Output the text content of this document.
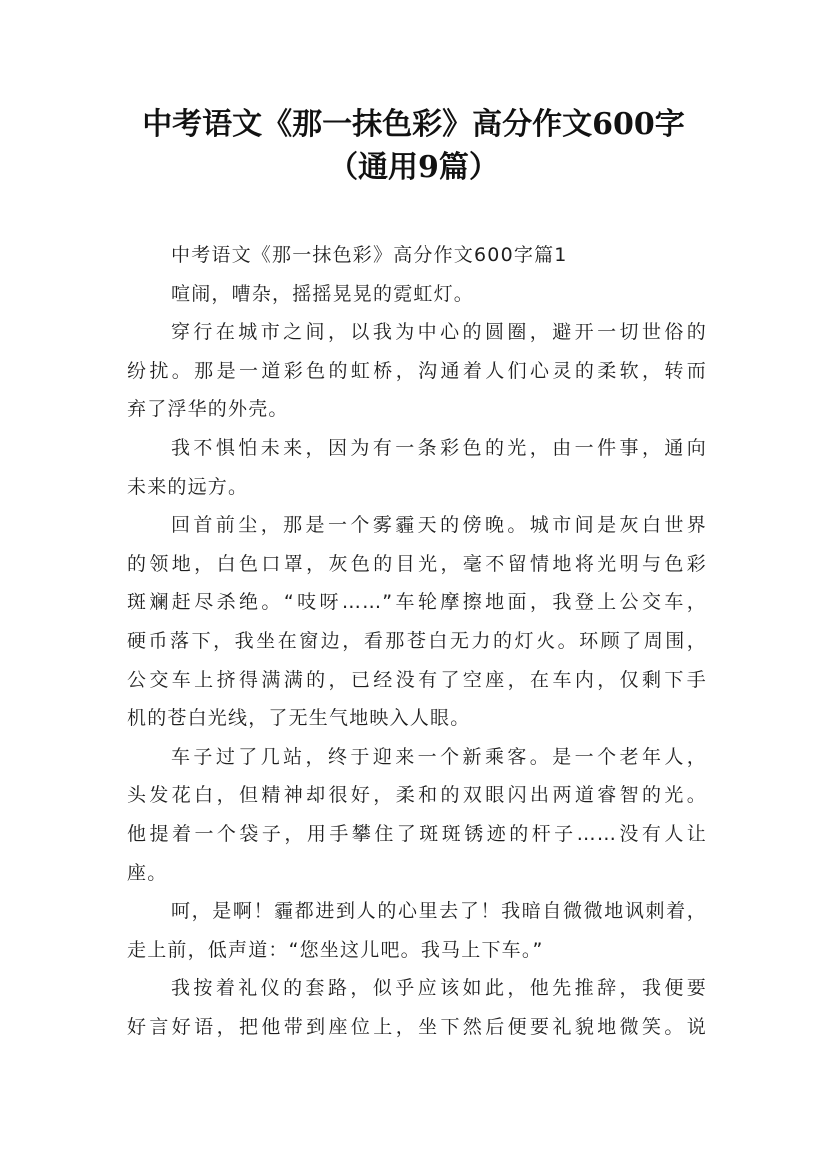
中考语文《那一抹色彩》高分作文600字
（通用9篇）
中考语文《那一抹色彩》高分作文600字篇1
喧闹，嘈杂，摇摇晃晃的霓虹灯。
穿行在城市之间，以我为中心的圆圈，避开一切世俗的
纷扰。那是一道彩色的虹桥，沟通着人们心灵的柔软，转而
弃了浮华的外壳。
我不惧怕未来，因为有一条彩色的光，由一件事，通向
未来的远方。
回首前尘，那是一个雾霾天的傍晚。城市间是灰白世界
的领地，白色口罩，灰色的目光，毫不留情地将光明与色彩
斑斓赶尽杀绝。“吱呀……”车轮摩擦地面，我登上公交车，
硬币落下，我坐在窗边，看那苍白无力的灯火。环顾了周围，
公交车上挤得满满的，已经没有了空座，在车内，仅剩下手
机的苍白光线，了无生气地映入人眼。
车子过了几站，终于迎来一个新乘客。是一个老年人，
头发花白，但精神却很好，柔和的双眼闪出两道睿智的光。
他提着一个袋子，用手攀住了斑斑锈迹的杆子……没有人让
座。
呵，是啊！霾都进到人的心里去了！我暗自微微地讽刺着，
走上前，低声道：“您坐这儿吧。我马上下车。”
我按着礼仪的套路，似乎应该如此，他先推辞，我便要
好言好语，把他带到座位上，坐下然后便要礼貌地微笑。说
